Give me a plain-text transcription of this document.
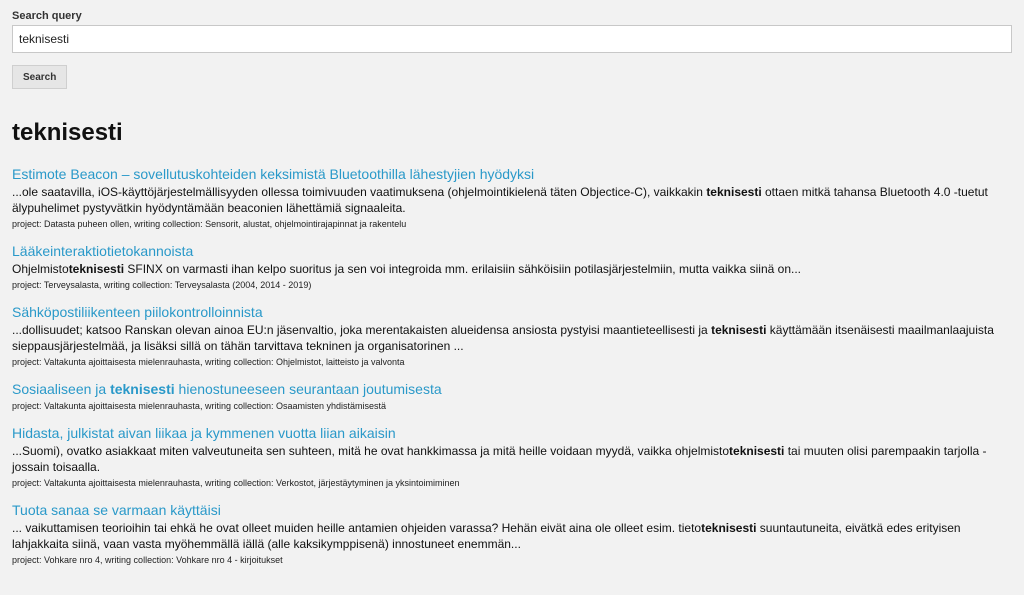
Search query
teknisesti Search
teknisesti
Estimote Beacon – sovellutuskohteiden keksimistä Bluetoothilla lähestyjien hyödyksi
...ole saatavilla, iOS-käyttöjärjestelmällisyyden ollessa toimivuuden vaatimuksena (ohjelmointikielenä täten Objectice-C), vaikkakin teknisesti ottaen mitkä tahansa Bluetooth 4.0 -tuetut älypuhelimet pystyvätkin hyödyntämään beaconien lähettämiä signaaleita.
project: Datasta puheen ollen, writing collection: Sensorit, alustat, ohjelmointirajapinnat ja rakentelu
Lääkeinteraktiotietokannoista
Ohjelmistoteknisesti SFINX on varmasti ihan kelpo suoritus ja sen voi integroida mm. erilaisiin sähköisiin potilasjärjestelmiin, mutta vaikka siinä on...
project: Terveysalasta, writing collection: Terveysalasta (2004, 2014 - 2019)
Sähköpostiliikenteen piilokontrolloinnista
...dollisuudet; katsoo Ranskan olevan ainoa EU:n jäsenvaltio, joka merentakaisten alueidensa ansiosta pystyisi maantieteellisesti ja teknisesti käyttämään itsenäisesti maailmanlaajuista sieppausjärjestelmää, ja lisäksi sillä on tähän tarvittava tekninen ja organisatorinen ...
project: Valtakunta ajoittaisesta mielenrauhasta, writing collection: Ohjelmistot, laitteisto ja valvonta
Sosiaaliseen ja teknisesti hienostuneeseen seurantaan joutumisesta
project: Valtakunta ajoittaisesta mielenrauhasta, writing collection: Osaamisten yhdistämisestä
Hidasta, julkistat aivan liikaa ja kymmenen vuotta liian aikaisin
...Suomi), ovatko asiakkaat miten valveutuneita sen suhteen, mitä he ovat hankkimassa ja mitä heille voidaan myydä, vaikka ohjelmistoteknisesti tai muuten olisi parempaakin tarjolla - jossain toisaalla.
project: Valtakunta ajoittaisesta mielenrauhasta, writing collection: Verkostot, järjestäytyminen ja yksintoimiminen
Tuota sanaa se varmaan käyttäisi
... vaikuttamisen teorioihin tai ehkä he ovat olleet muiden heille antamien ohjeiden varassa? Hehän eivät aina ole olleet esim. tietoteknisesti suuntautuneita, eivätkä edes erityisen lahjakkaita siinä, vaan vasta myöhemmällä iällä (alle kaksikymppisenä) innostuneet enemmän...
project: Vohkare nro 4, writing collection: Vohkare nro 4 - kirjoitukset
